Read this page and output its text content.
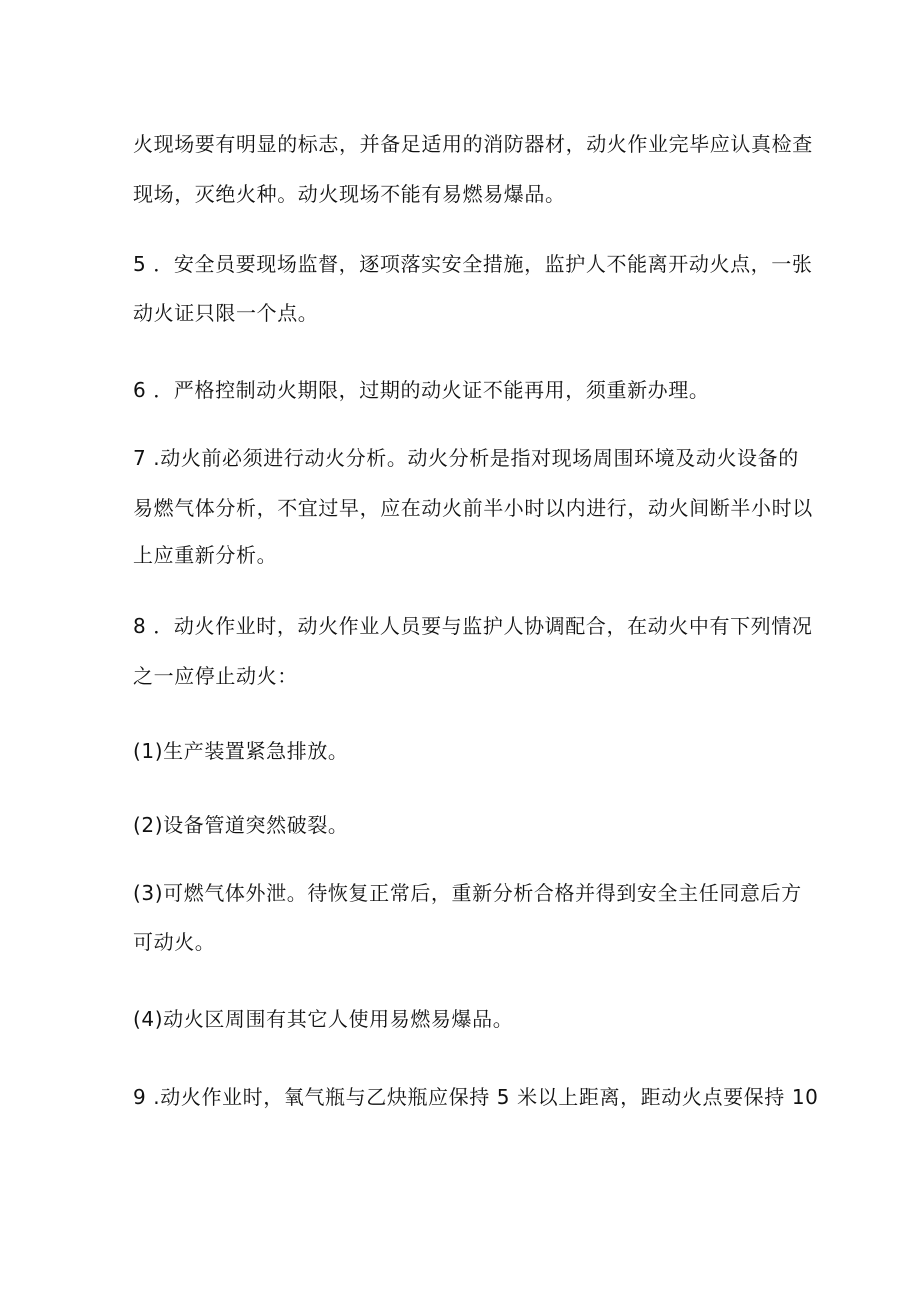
火现场要有明显的标志，并备足适用的消防器材，动火作业完毕应认真检查
现场，灭绝火种。动火现场不能有易燃易爆品。
5 ．安全员要现场监督，逐项落实安全措施，监护人不能离开动火点，一张
动火证只限一个点。
6 ．严格控制动火期限，过期的动火证不能再用，须重新办理。
7 .动火前必须进行动火分析。动火分析是指对现场周围环境及动火设备的
易燃气体分析，不宜过早，应在动火前半小时以内进行，动火间断半小时以
上应重新分析。
8 ．动火作业时，动火作业人员要与监护人协调配合，在动火中有下列情况
之一应停止动火：
(1)生产装置紧急排放。
(2)设备管道突然破裂。
(3)可燃气体外泄。待恢复正常后，重新分析合格并得到安全主任同意后方
可动火。
(4)动火区周围有其它人使用易燃易爆品。
9 .动火作业时，氧气瓶与乙炔瓶应保持 5 米以上距离，距动火点要保持 10
